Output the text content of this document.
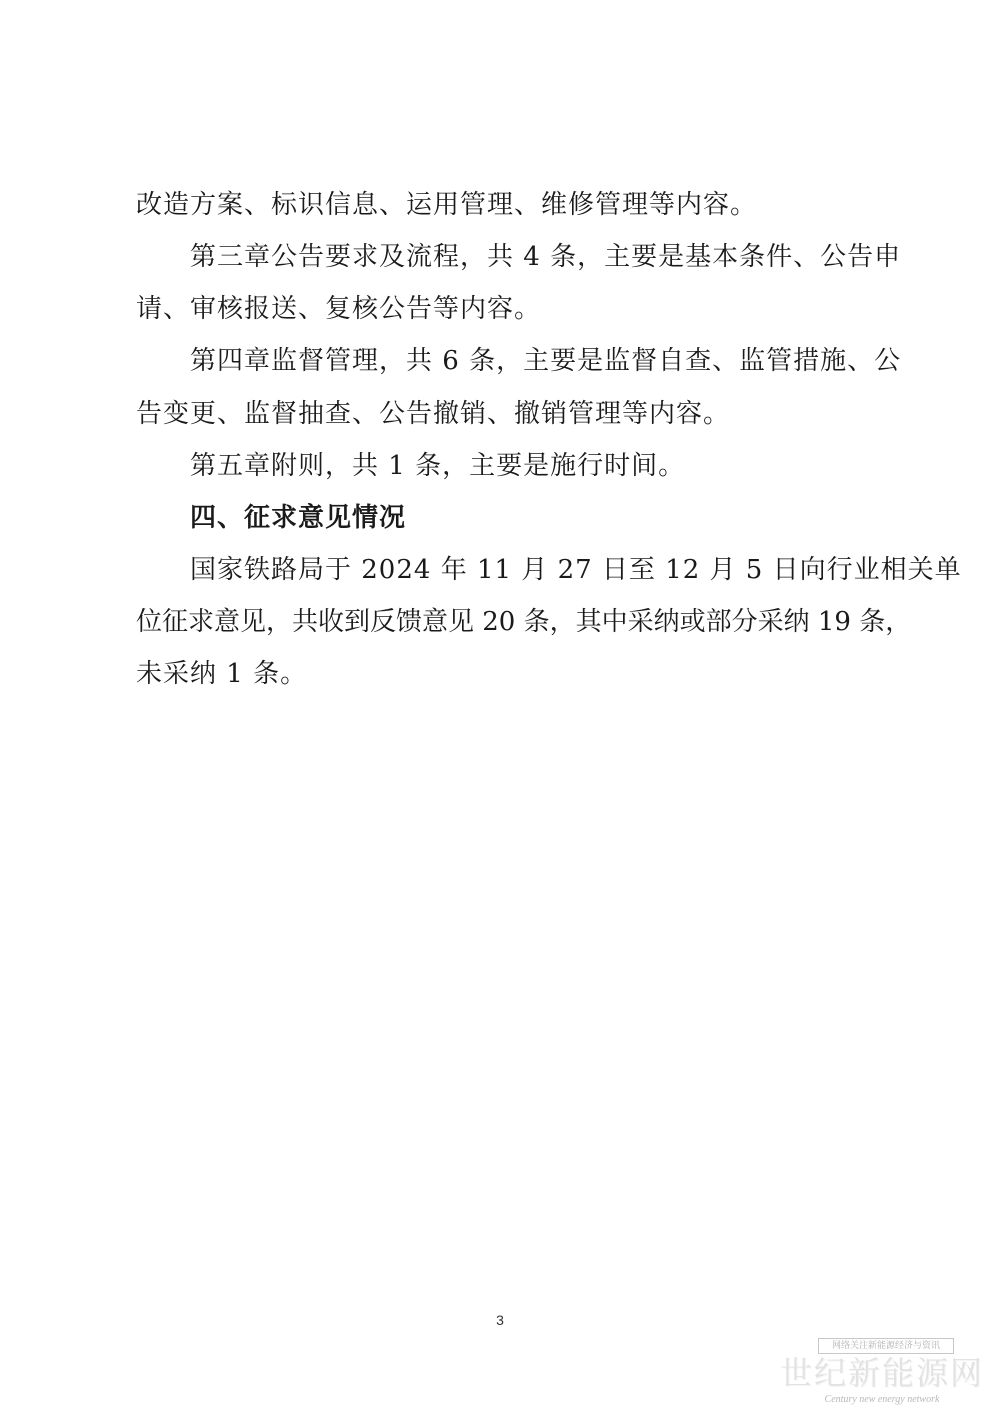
改造方案、标识信息、运用管理、维修管理等内容。
第三章公告要求及流程，共 4 条，主要是基本条件、公告申
请、审核报送、复核公告等内容。
第四章监督管理，共 6 条，主要是监督自查、监管措施、公
告变更、监督抽查、公告撤销、撤销管理等内容。
第五章附则，共 1 条，主要是施行时间。
四、征求意见情况
国家铁路局于 2024 年 11 月 27 日至 12 月 5 日向行业相关单
位征求意见，共收到反馈意见 20 条，其中采纳或部分采纳 19 条，
未采纳 1 条。
3
网络关注新能源经济与资讯
世纪新能源网
Century new energy network
